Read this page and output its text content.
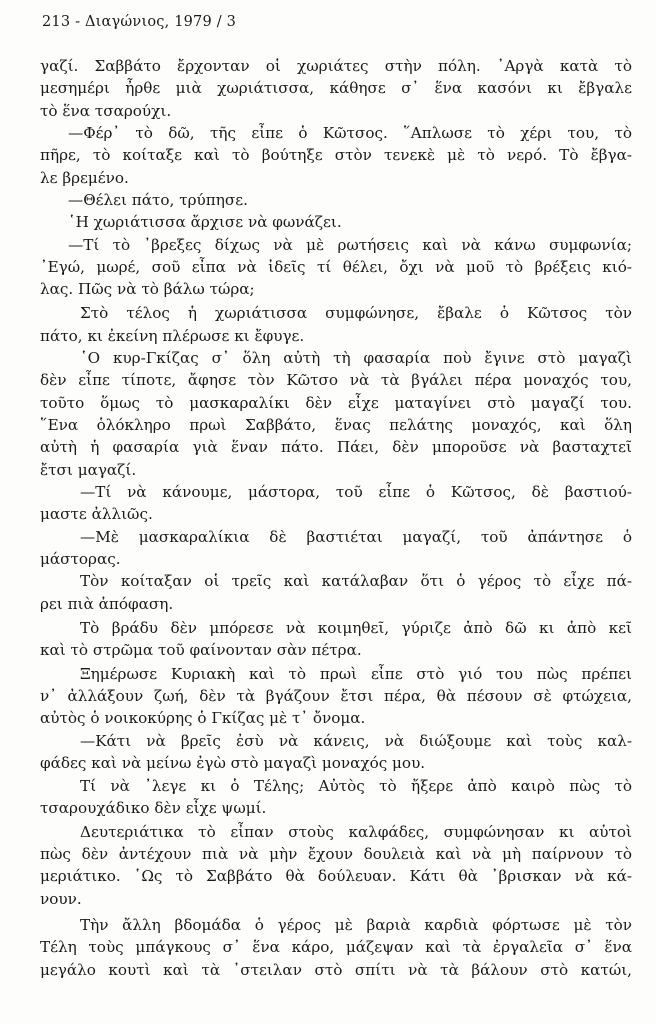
213 - Διαγώνιος, 1979 / 3
γαζί. Σαββάτο ἔρχονταν οἱ χωριάτες στὴν πόλη. ᾽Αργὰ κατὰ τὸ
μεσημέρι ἦρθε μιὰ χωριάτισσα, κάθησε σ᾽ ἕνα κασόνι κι ἔβγαλε
τὸ ἕνα τσαρούχι.
—Φέρ᾽ τὸ δῶ, τῆς εἶπε ὁ Κῶτσος. ῞Απλωσε τὸ χέρι του, τὸ
πῆρε, τὸ κοίταξε καὶ τὸ βούτηξε στὸν τενεκὲ μὲ τὸ νερό. Τὸ ἔβγα-
λε βρεμένο.
—Θέλει πάτο, τρύπησε.
῾Η χωριάτισσα ἄρχισε νὰ φωνάζει.
—Τί τὸ ᾽βρεξες δίχως νὰ μὲ ρωτήσεις καὶ νὰ κάνω συμφωνία;
᾽Εγώ, μωρέ, σοῦ εἶπα νὰ ἰδεῖς τί θέλει, ὄχι νὰ μοῦ τὸ βρέξεις κιό-
λας. Πῶς νὰ τὸ βάλω τώρα;
Στὸ τέλος ἡ χωριάτισσα συμφώνησε, ἔβαλε ὁ Κῶτσος τὸν
πάτο, κι ἐκείνη πλέρωσε κι ἔφυγε.
῾Ο κυρ-Γκίζας σ᾽ ὅλη αὐτὴ τὴ φασαρία ποὺ ἔγινε στὸ μαγαζὶ
δὲν εἶπε τίποτε, ἄφησε τὸν Κῶτσο νὰ τὰ βγάλει πέρα μοναχός του,
τοῦτο ὅμως τὸ μασκαραλίκι δὲν εἶχε ματαγίνει στὸ μαγαζί του.
῞Ενα ὁλόκληρο πρωὶ Σαββάτο, ἕνας πελάτης μοναχός, καὶ ὅλη
αὐτὴ ἡ φασαρία γιὰ ἕναν πάτο. Πάει, δὲν μποροῦσε νὰ βασταχτεῖ
ἔτσι μαγαζί.
—Τί νὰ κάνουμε, μάστορα, τοῦ εἶπε ὁ Κῶτσος, δὲ βαστιού-
μαστε ἀλλιῶς.
—Μὲ μασκαραλίκια δὲ βαστιέται μαγαζί, τοῦ ἀπάντησε ὁ
μάστορας.
Τὸν κοίταξαν οἱ τρεῖς καὶ κατάλαβαν ὅτι ὁ γέρος τὸ εἶχε πά-
ρει πιὰ ἀπόφαση.
Τὸ βράδυ δὲν μπόρεσε νὰ κοιμηθεῖ, γύριζε ἀπὸ δῶ κι ἀπὸ κεῖ
καὶ τὸ στρῶμα τοῦ φαίνονταν σὰν πέτρα.
Ξημέρωσε Κυριακὴ καὶ τὸ πρωὶ εἶπε στὸ γιό του πὼς πρέπει
ν᾽ ἀλλάξουν ζωή, δὲν τὰ βγάζουν ἔτσι πέρα, θὰ πέσουν σὲ φτώχεια,
αὐτὸς ὁ νοικοκύρης ὁ Γκίζας μὲ τ᾽ ὄνομα.
—Κάτι νὰ βρεῖς ἐσὺ νὰ κάνεις, νὰ διώξουμε καὶ τοὺς καλ-
φάδες καὶ νὰ μείνω ἐγὼ στὸ μαγαζὶ μοναχός μου.
Τί νὰ ᾽λεγε κι ὁ Τέλης; Αὐτὸς τὸ ἤξερε ἀπὸ καιρὸ πὼς τὸ
τσαρουχάδικο δὲν εἶχε ψωμί.
Δευτεριάτικα τὸ εἶπαν στοὺς καλφάδες, συμφώνησαν κι αὐτοὶ
πὼς δὲν ἀντέχουν πιὰ νὰ μὴν ἔχουν δουλειὰ καὶ νὰ μὴ παίρνουν τὸ
μεριάτικο. ῾Ως τὸ Σαββάτο θὰ δούλευαν. Κάτι θὰ ᾽βρισκαν νὰ κά-
νουν.
Τὴν ἄλλη βδομάδα ὁ γέρος μὲ βαριὰ καρδιὰ φόρτωσε μὲ τὸν
Τέλη τοὺς μπάγκους σ᾽ ἕνα κάρο, μάζεψαν καὶ τὰ ἐργαλεῖα σ᾽ ἕνα
μεγάλο κουτὶ καὶ τὰ ᾽στειλαν στὸ σπίτι νὰ τὰ βάλουν στὸ κατώι,
